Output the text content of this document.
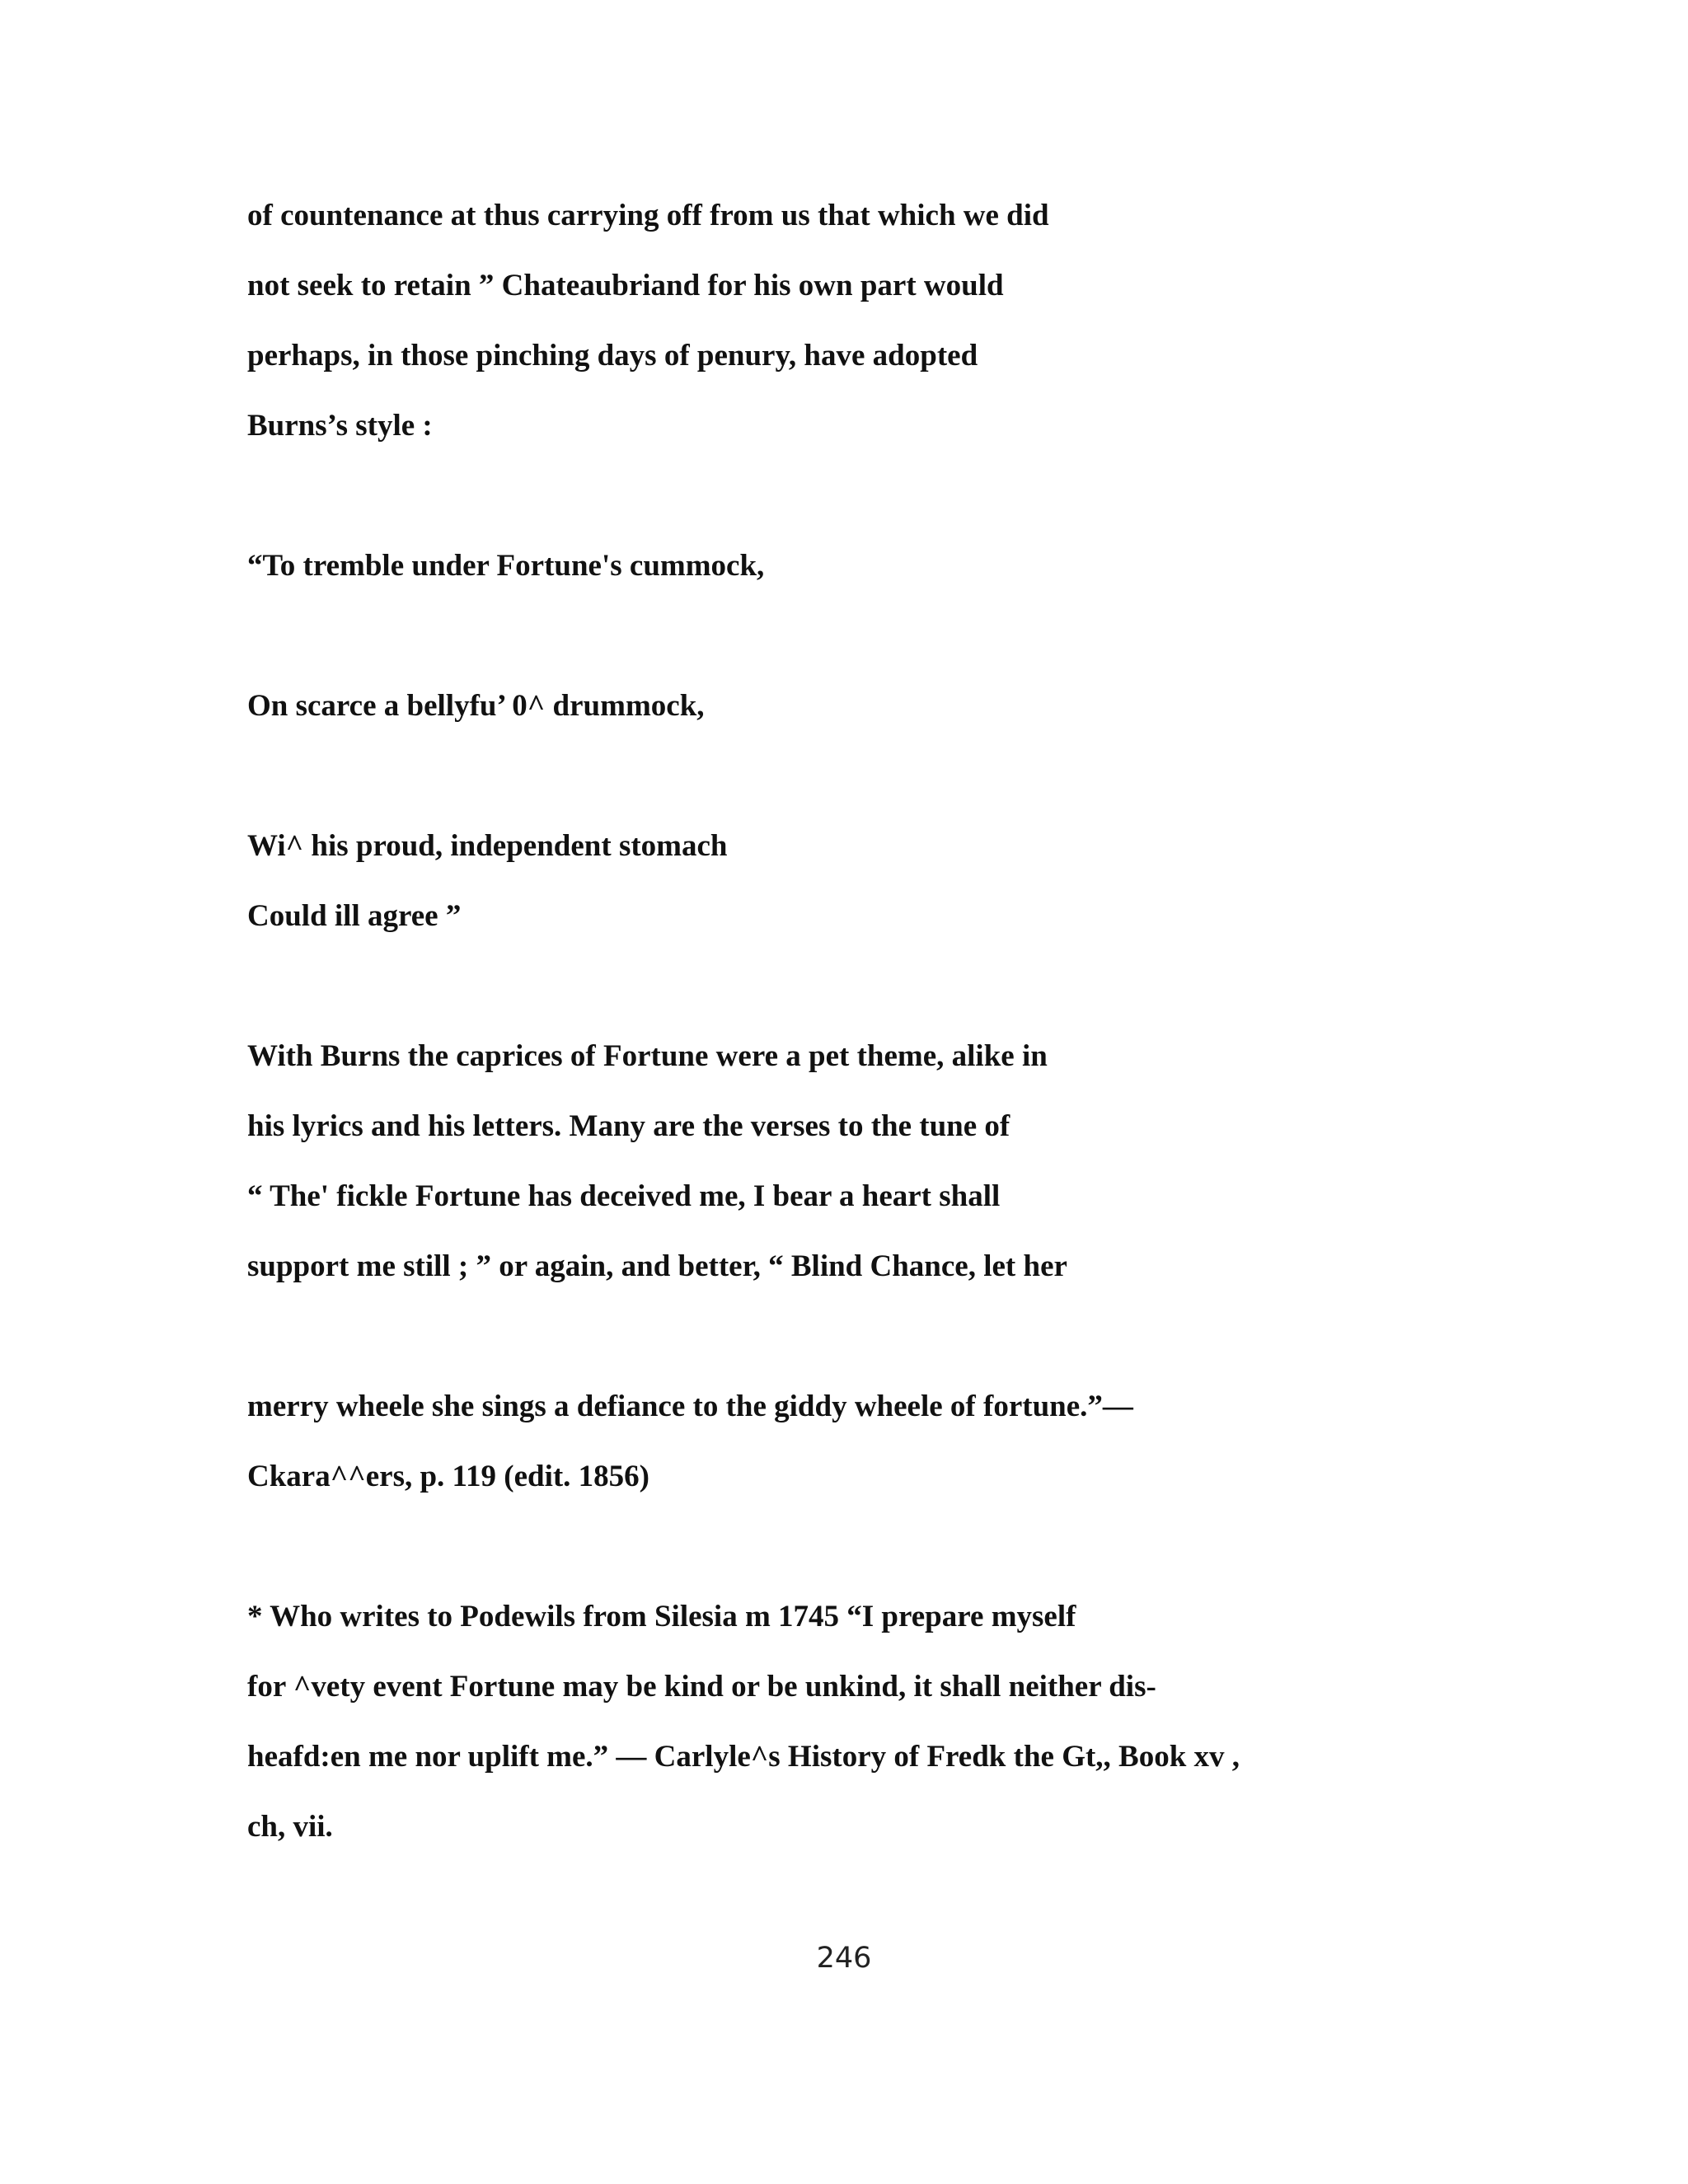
of countenance at thus carrying off from us that which we did

not seek to retain ” Chateaubriand for his own part would

perhaps, in those pinching days of penury, have adopted

Burns’s style :

“To tremble under Fortune's cummock,

On scarce a bellyfu’ 0^ drummock,

Wi^ his proud, independent stomach

Could ill agree ”

With Burns the caprices of Fortune were a pet theme, alike in

his lyrics and his letters. Many are the verses to the tune of

“ The' fickle Fortune has deceived me, I bear a heart shall

support me still ; ” or again, and better, “ Blind Chance, let her

merry wheele she sings a defiance to the giddy wheele of fortune.”—

Ckara^^ers, p. 119 (edit. 1856)

* Who writes to Podewils from Silesia m 1745 “I prepare myself

for ^vety event Fortune may be kind or be unkind, it shall neither dis-

heafd:en me nor uplift me.” — Carlyle^s History of Fredk the Gt,, Book xv ,

ch, vii.

246
